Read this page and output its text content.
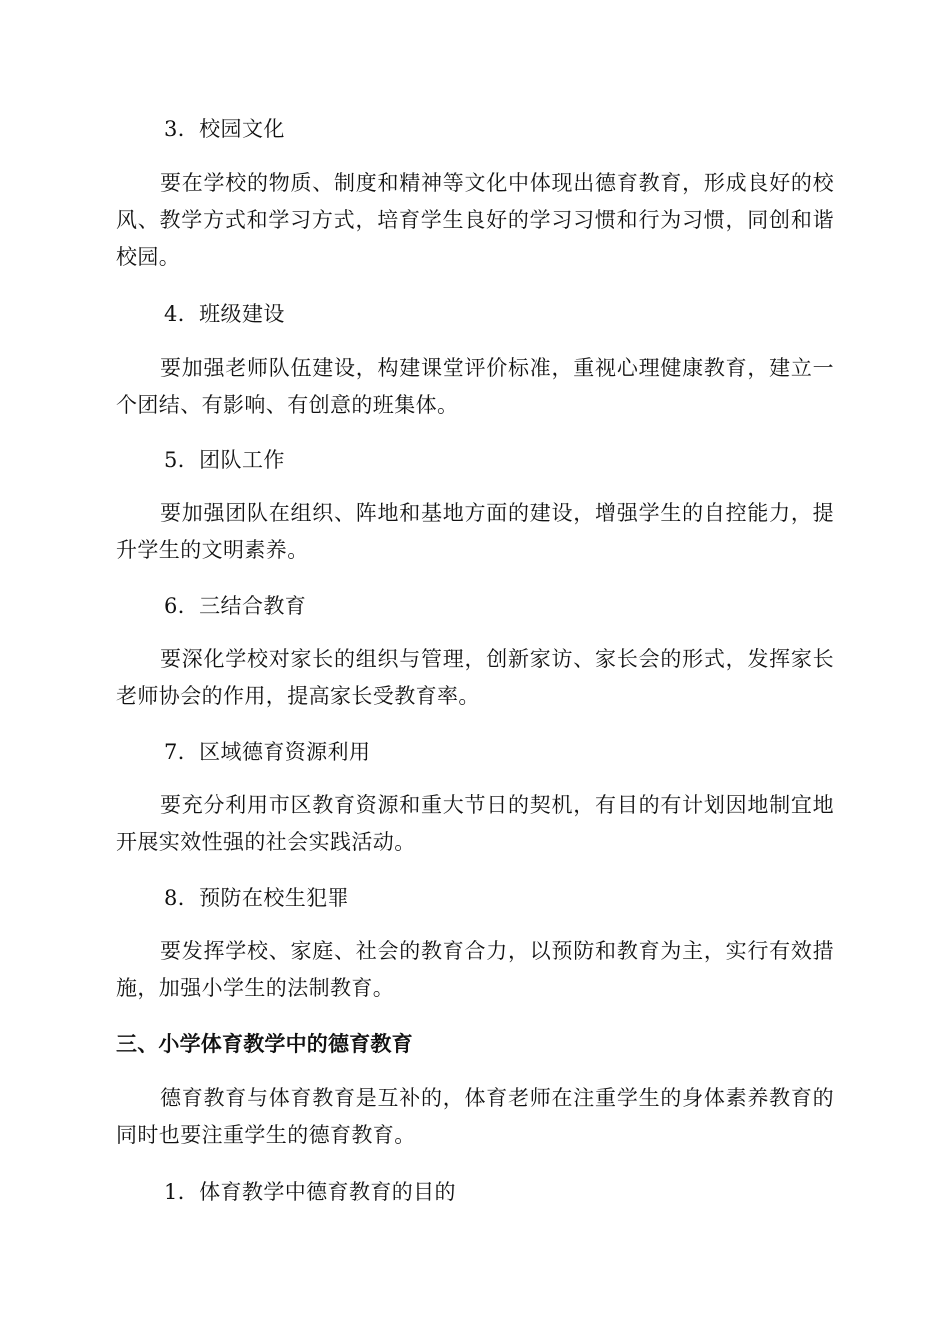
3．校园文化
要在学校的物质、制度和精神等文化中体现出德育教育，形成良好的校风、教学方式和学习方式，培育学生良好的学习习惯和行为习惯，同创和谐校园。
4．班级建设
要加强老师队伍建设，构建课堂评价标准，重视心理健康教育，建立一个团结、有影响、有创意的班集体。
5．团队工作
要加强团队在组织、阵地和基地方面的建设，增强学生的自控能力，提升学生的文明素养。
6．三结合教育
要深化学校对家长的组织与管理，创新家访、家长会的形式，发挥家长老师协会的作用，提高家长受教育率。
7．区域德育资源利用
要充分利用市区教育资源和重大节日的契机，有目的有计划因地制宜地开展实效性强的社会实践活动。
8．预防在校生犯罪
要发挥学校、家庭、社会的教育合力，以预防和教育为主，实行有效措施，加强小学生的法制教育。
三、小学体育教学中的德育教育
德育教育与体育教育是互补的，体育老师在注重学生的身体素养教育的同时也要注重学生的德育教育。
1．体育教学中德育教育的目的
